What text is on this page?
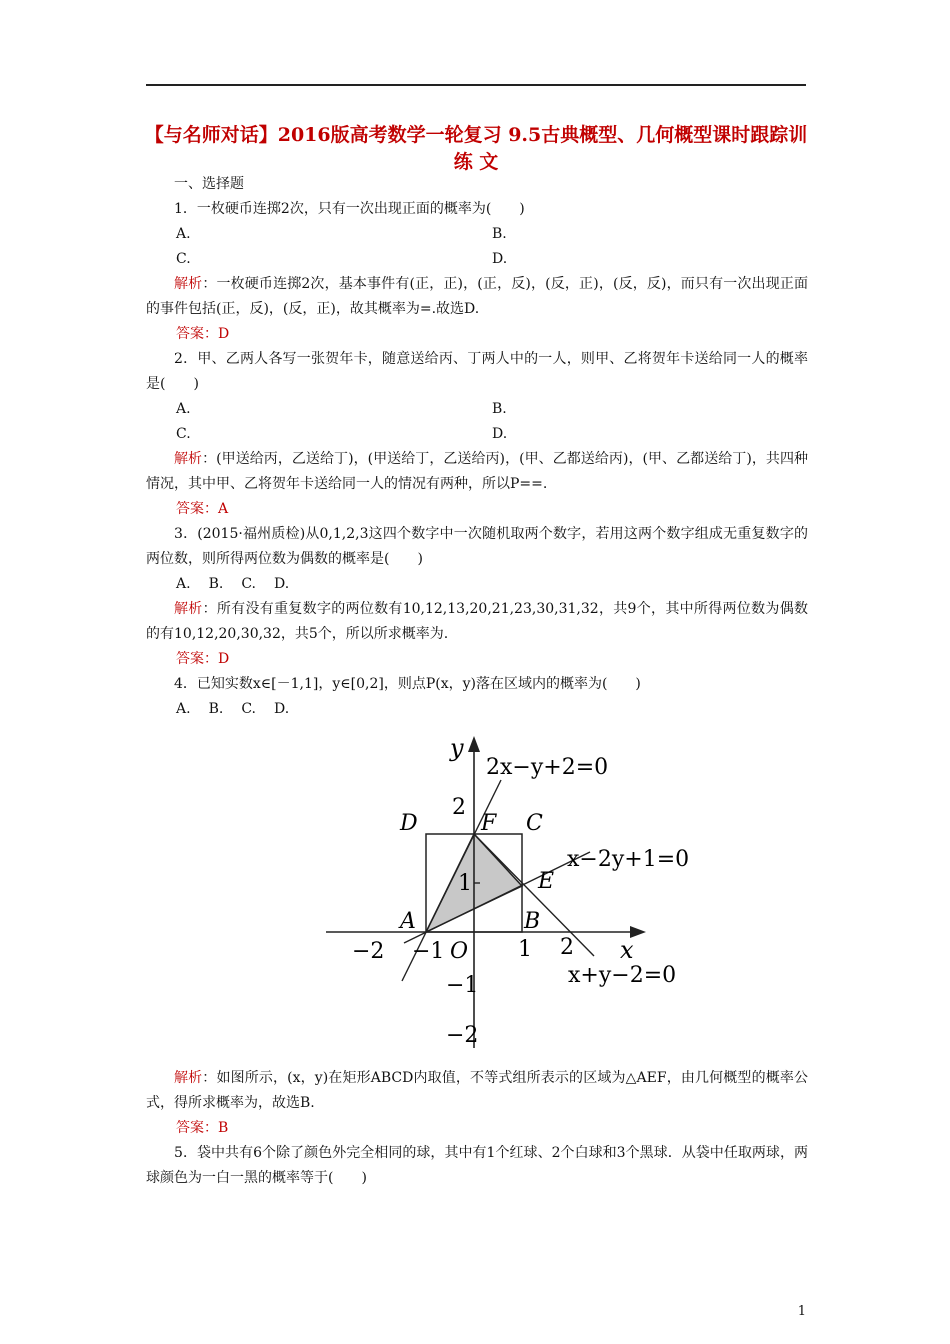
【与名师对话】2016版高考数学一轮复习 9.5古典概型、几何概型课时跟踪训练 文

一、选择题

1．一枚硬币连掷2次，只有一次出现正面的概率为(　　)

A.	B.
C.	D.

解析：一枚硬币连掷2次，基本事件有(正，正)，(正，反)，(反，正)，(反，反)，而只有一次出现正面的事件包括(正，反)，(反，正)，故其概率为=.故选D.

答案：D

2．甲、乙两人各写一张贺年卡，随意送给丙、丁两人中的一人，则甲、乙将贺年卡送给同一人的概率是(　　)

A.	B.
C.	D.

解析：(甲送给丙，乙送给丁)，(甲送给丁，乙送给丙)，(甲、乙都送给丙)，(甲、乙都送给丁)，共四种情况，其中甲、乙将贺年卡送给同一人的情况有两种，所以P==.

答案：A

3．(2015·福州质检)从0,1,2,3这四个数字中一次随机取两个数字，若用这两个数字组成无重复数字的两位数，则所得两位数为偶数的概率是(　　)

A. B. C. D.

解析：所有没有重复数字的两位数有10,12,13,20,21,23,30,31,32，共9个，其中所得两位数为偶数的有10,12,20,30,32，共5个，所以所求概率为.

答案：D

4．已知实数x∈[－1,1]，y∈[0,2]，则点P(x，y)落在区域内的概率为(　　)

A. B. C. D.

2x−y+2=0
x−2y+1=0
x+y−2=0
y
x
O
A	B
C
D
E
F
−2 −1	1 2
2
1
−1
−2

解析：如图所示，(x，y)在矩形ABCD内取值，不等式组所表示的区域为△AEF，由几何概型的概率公式，得所求概率为，故选B.

答案：B

5．袋中共有6个除了颜色外完全相同的球，其中有1个红球、2个白球和3个黑球．从袋中任取两球，两球颜色为一白一黑的概率等于(　　)

1
